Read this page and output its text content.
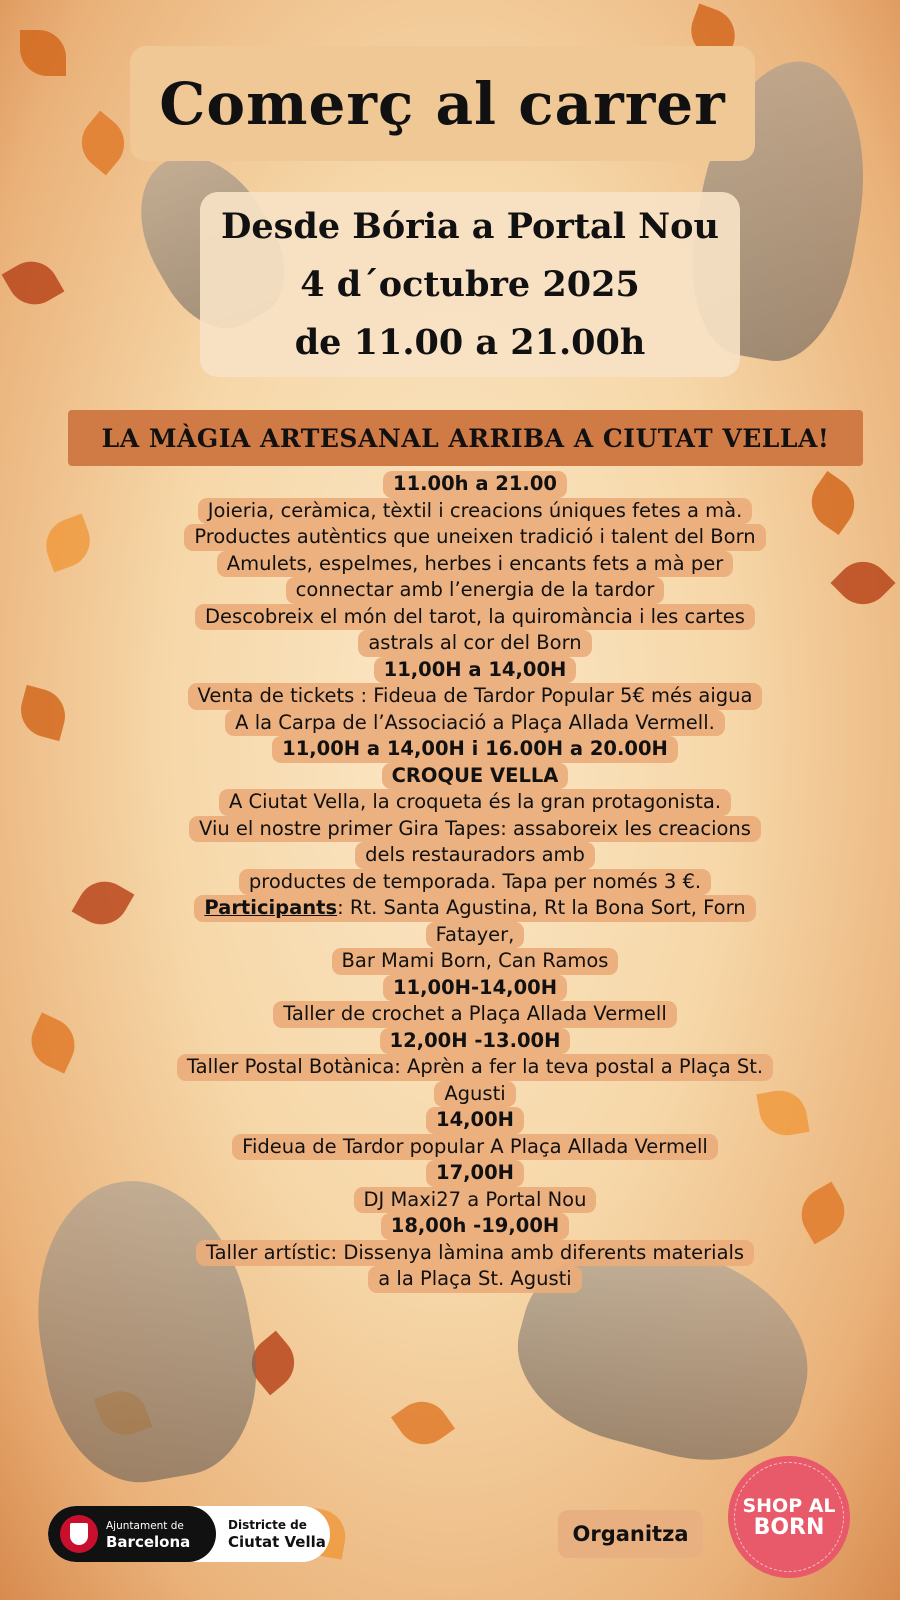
Comerç al carrer
Desde Bória a Portal Nou
4 d´octubre 2025
de 11.00 a 21.00h
LA MÀGIA ARTESANAL ARRIBA A CIUTAT VELLA!
11.00h a 21.00
Joieria, ceràmica, tèxtil i creacions úniques fetes a mà.
Productes autèntics que uneixen tradició i talent del Born
Amulets, espelmes, herbes i encants fets a mà per
connectar amb l’energia de la tardor
Descobreix el món del tarot, la quiromància i les cartes
astrals al cor del Born
11,00H a 14,00H
Venta de tickets : Fideua de Tardor Popular 5€ més aigua
A la Carpa de l’Associació a Plaça Allada Vermell.
11,00H a 14,00H i 16.00H a 20.00H
CROQUE VELLA
A Ciutat Vella, la croqueta és la gran protagonista.
Viu el nostre primer Gira Tapes: assaboreix les creacions
dels restauradors amb
productes de temporada. Tapa per només 3 €.
Participants: Rt. Santa Agustina, Rt la Bona Sort, Forn
Fatayer,
Bar Mami Born, Can Ramos
11,00H-14,00H
Taller de crochet a Plaça Allada Vermell
12,00H -13.00H
Taller Postal Botànica: Aprèn a fer la teva postal a Plaça St.
Agusti
14,00H
Fideua de Tardor popular A Plaça Allada Vermell
17,00H
DJ Maxi27 a Portal Nou
18,00h -19,00H
Taller artístic: Dissenya làmina amb diferents materials
a la Plaça St. Agusti
Ajuntament de
Barcelona
Districte de
Ciutat Vella	Organitza
SHOP AL
BORN
